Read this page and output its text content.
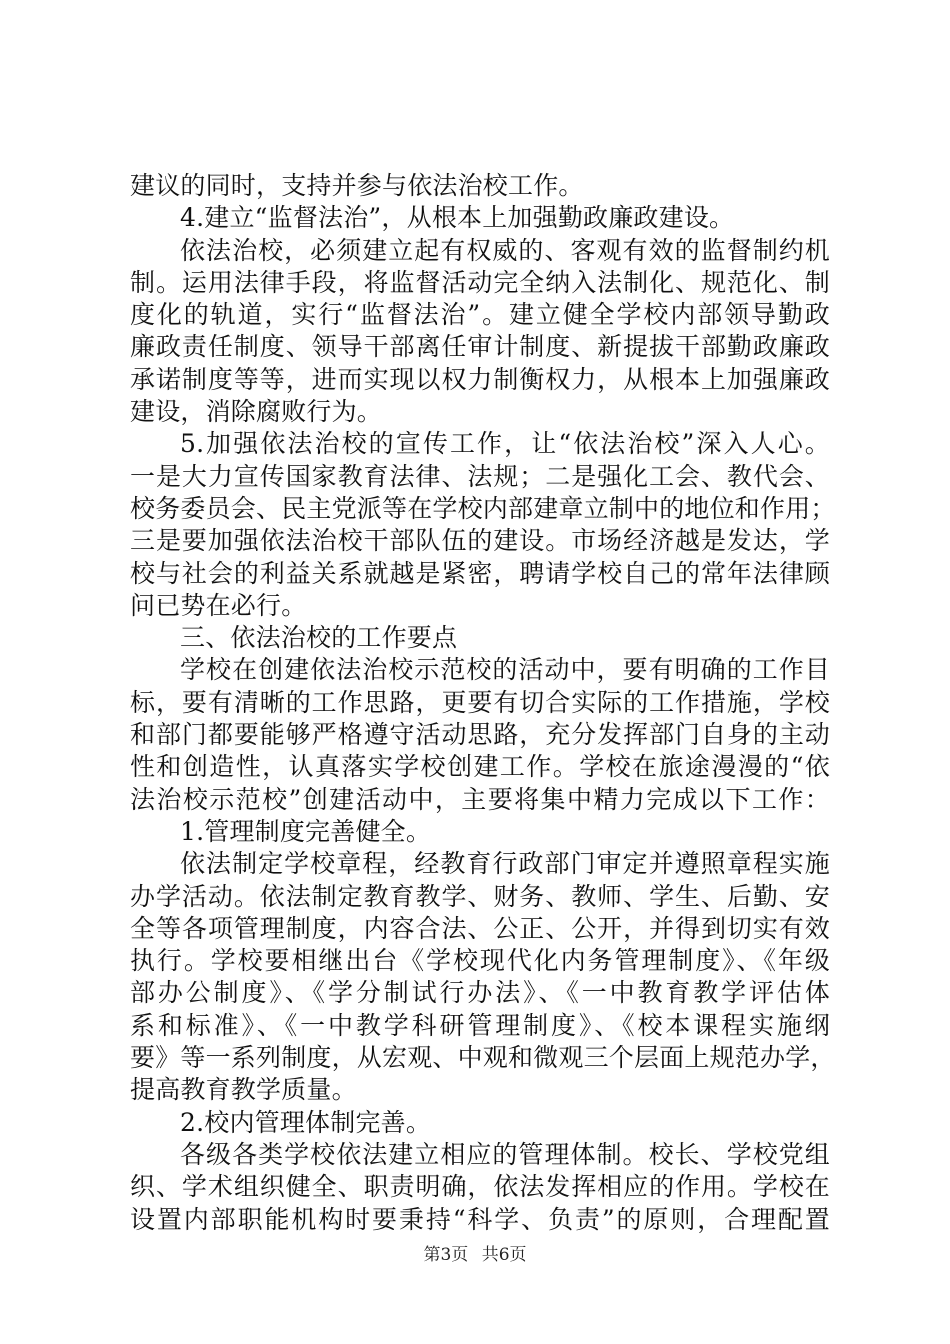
建议的同时，支持并参与依法治校工作。
4.建立“监督法治”，从根本上加强勤政廉政建设。
依法治校，必须建立起有权威的、客观有效的监督制约机
制。运用法律手段，将监督活动完全纳入法制化、规范化、制
度化的轨道，实行“监督法治”。建立健全学校内部领导勤政
廉政责任制度、领导干部离任审计制度、新提拔干部勤政廉政
承诺制度等等，进而实现以权力制衡权力，从根本上加强廉政
建设，消除腐败行为。
5.加强依法治校的宣传工作，让“依法治校”深入人心。
一是大力宣传国家教育法律、法规；二是强化工会、教代会、
校务委员会、民主党派等在学校内部建章立制中的地位和作用；
三是要加强依法治校干部队伍的建设。市场经济越是发达，学
校与社会的利益关系就越是紧密，聘请学校自己的常年法律顾
问已势在必行。
三、依法治校的工作要点
学校在创建依法治校示范校的活动中，要有明确的工作目
标，要有清晰的工作思路，更要有切合实际的工作措施，学校
和部门都要能够严格遵守活动思路，充分发挥部门自身的主动
性和创造性，认真落实学校创建工作。学校在旅途漫漫的“依
法治校示范校”创建活动中，主要将集中精力完成以下工作：
1.管理制度完善健全。
依法制定学校章程，经教育行政部门审定并遵照章程实施
办学活动。依法制定教育教学、财务、教师、学生、后勤、安
全等各项管理制度，内容合法、公正、公开，并得到切实有效
执行。学校要相继出台《学校现代化内务管理制度》、《年级
部办公制度》、《学分制试行办法》、《一中教育教学评估体
系和标准》、《一中教学科研管理制度》、《校本课程实施纲
要》等一系列制度，从宏观、中观和微观三个层面上规范办学，
提高教育教学质量。
2.校内管理体制完善。
各级各类学校依法建立相应的管理体制。校长、学校党组
织、学术组织健全、职责明确，依法发挥相应的作用。学校在
设置内部职能机构时要秉持“科学、负责”的原则，合理配置
第3页 共6页
